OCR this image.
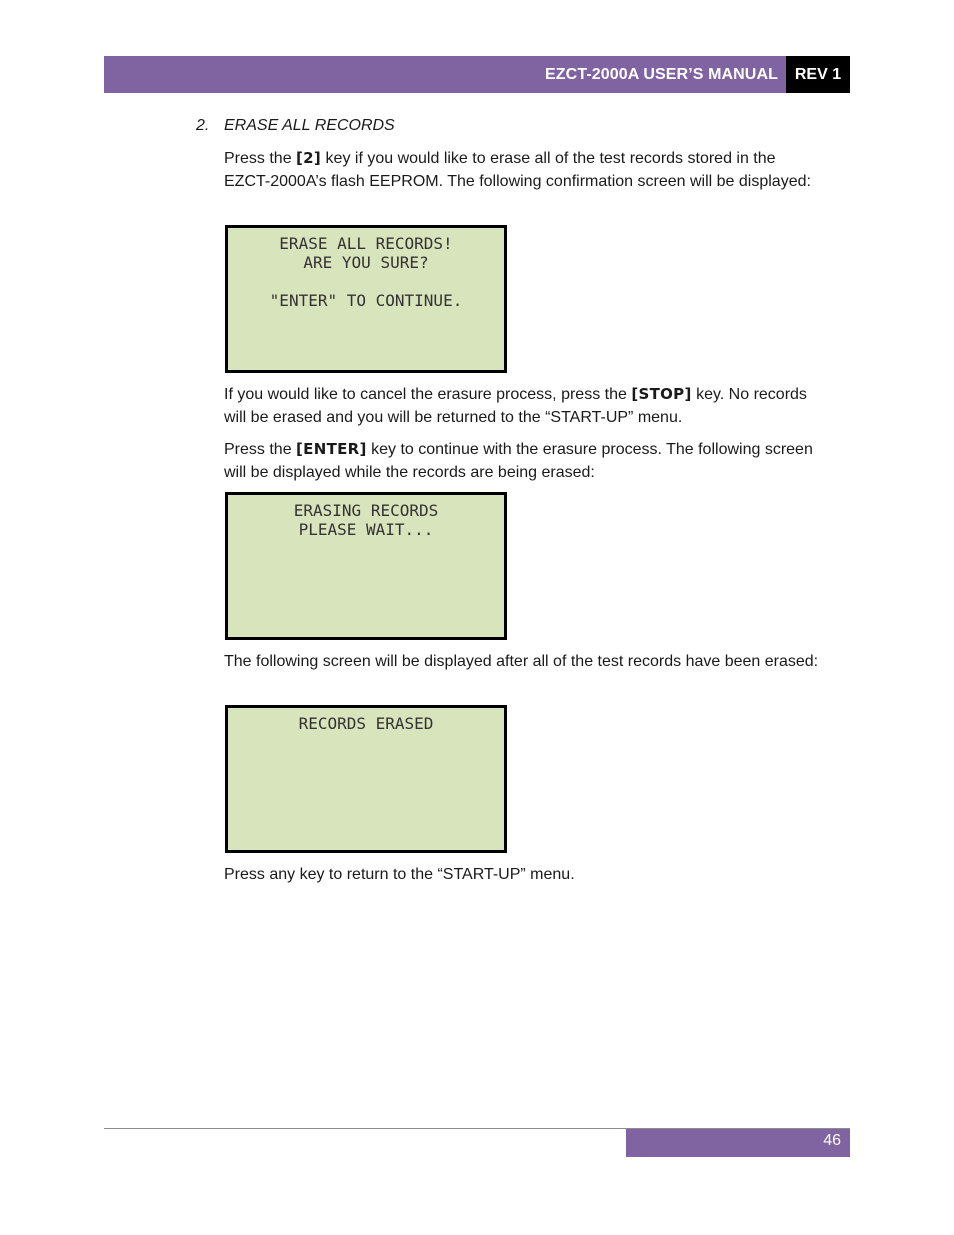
EZCT-2000A USER’S MANUAL	REV 1
2. ERASE ALL RECORDS
Press the [2] key if you would like to erase all of the test records stored in the EZCT-2000A’s flash EEPROM. The following confirmation screen will be displayed:
ERASE ALL RECORDS!
ARE YOU SURE?
"ENTER" TO CONTINUE.
If you would like to cancel the erasure process, press the [STOP] key. No records will be erased and you will be returned to the “START-UP” menu.
Press the [ENTER] key to continue with the erasure process. The following screen will be displayed while the records are being erased:
ERASING RECORDS
PLEASE WAIT...
The following screen will be displayed after all of the test records have been erased:
RECORDS ERASED
Press any key to return to the “START-UP” menu.
46
